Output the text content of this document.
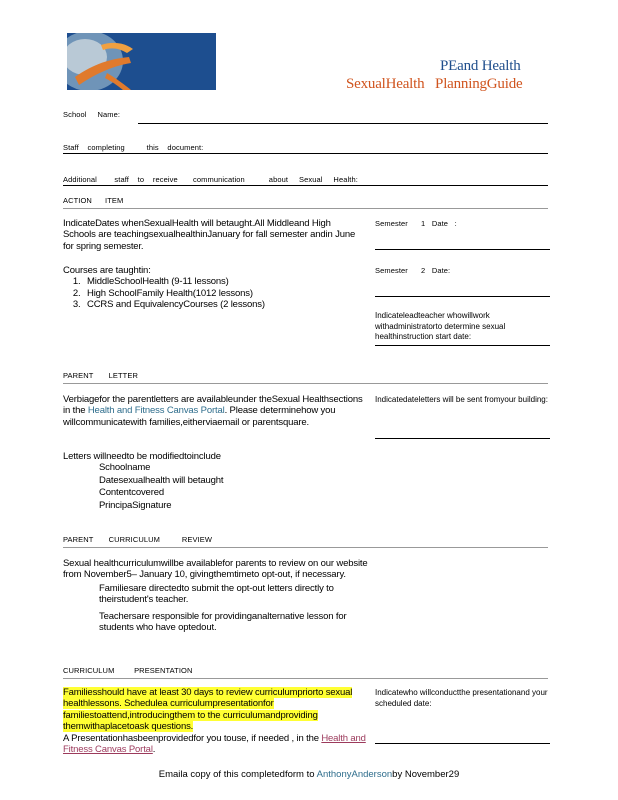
PEand Health
SexualHealth   PlanningGuide
School     Name:
Staff    completing          this    document:
Additional        staff    to    receive       communication           about     Sexual     Health:
ACTION      ITEM
IndicateDates whenSexualHealth will betaught.All Middleand High Schools are teachingsexualhealthinJanuary for fall semester andin June for spring semester.
Courses are taughtin:
1. MiddleSchoolHealth (9-11 lessons)
2. High SchoolFamily Health(1012 lessons)
3. CCRS and EquivalencyCourses (2 lessons)
Semester      1   Date   :
Semester      2   Date:
Indicateleadteacher whowillwork withadministratorto determine sexual healthinstruction start date:
PARENT       LETTER
Verbiagefor the parentletters are availableunder theSexual Healthsections in the Health and Fitness Canvas Portal. Please determinehow you willcommunicatewith families,eitherviaemail or parentsquare.
Letters willneedto be modifiedtoinclude
Schoolname
Datesexualhealth will betaught
Contentcovered
PrincipaSignature
Indicatedateletters will be sent fromyour building:
PARENT       CURRICULUM          REVIEW
Sexual healthcurriculumwillbe availablefor parents to review on our website from November5– January 10, givingthemtimeto opt-out, if necessary.
Familiesare directedto submit the opt-out letters directly to theirstudent's teacher.
Teachersare responsible for providinganalternative lesson for students who have optedout.
CURRICULUM         PRESENTATION
Familiesshould have at least 30 days to review curriculumpriorto sexual healthlessons. Schedulea curriculumpresentationfor familiestoattend,introducingthem to the curriculumandproviding themwithaplacetoask questions.
A Presentationhasbeenprovidedfor you touse, if needed , in the Health and Fitness Canvas Portal.
Indicatewho willconductthe presentationand your scheduled date:
Emaila copy of this completedform to AnthonyAndersonby November29
